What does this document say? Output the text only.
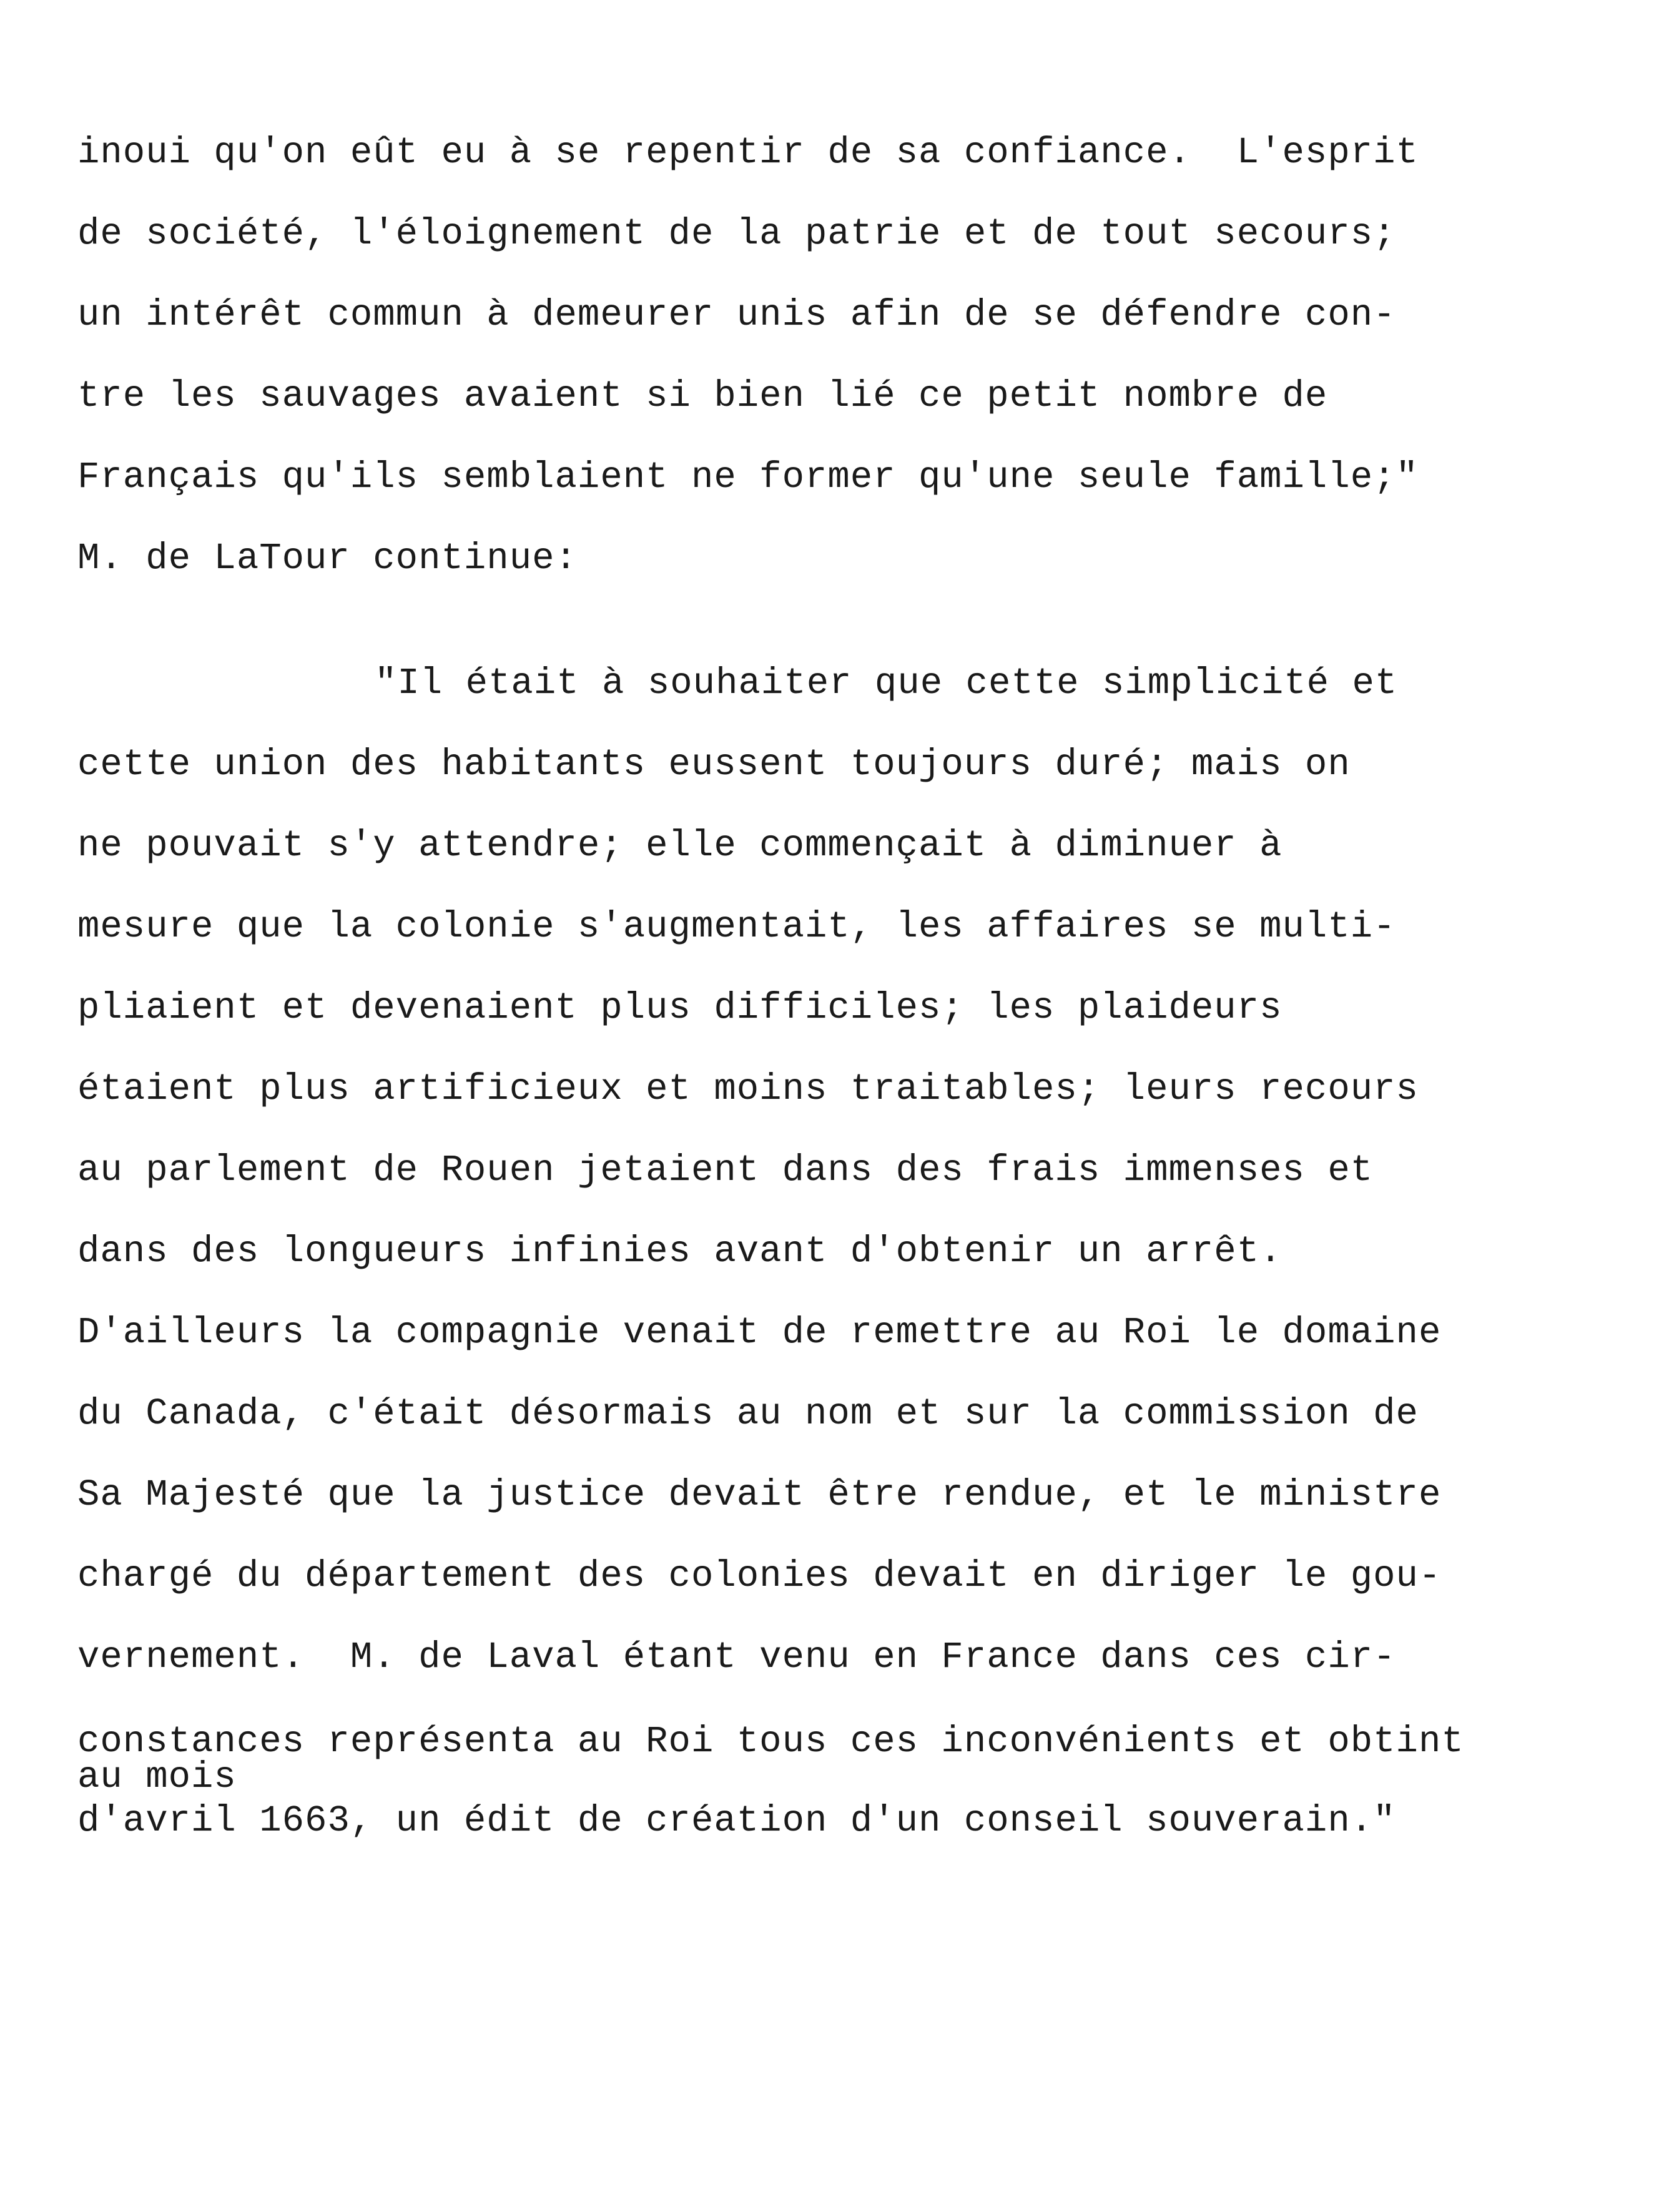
inoui qu'on eût eu à se repentir de sa confiance.  L'esprit
de société, l'éloignement de la patrie et de tout secours;
un intérêt commun à demeurer unis afin de se défendre con-
tre les sauvages avaient si bien lié ce petit nombre de
Français qu'ils semblaient ne former qu'une seule famille;"
M. de LaTour continue:
"Il était à souhaiter que cette simplicité et
cette union des habitants eussent toujours duré; mais on
ne pouvait s'y attendre; elle commençait à diminuer à
mesure que la colonie s'augmentait, les affaires se multi-
pliaient et devenaient plus difficiles; les plaideurs
étaient plus artificieux et moins traitables; leurs recours
au parlement de Rouen jetaient dans des frais immenses et
dans des longueurs infinies avant d'obtenir un arrêt.
D'ailleurs la compagnie venait de remettre au Roi le domaine
du Canada, c'était désormais au nom et sur la commission de
Sa Majesté que la justice devait être rendue, et le ministre
chargé du département des colonies devait en diriger le gou-
vernement.  M. de Laval étant venu en France dans ces cir-
constances représenta au Roi tous ces inconvénients et obtint
au mois
d'avril 1663, un édit de création d'un conseil souverain."
